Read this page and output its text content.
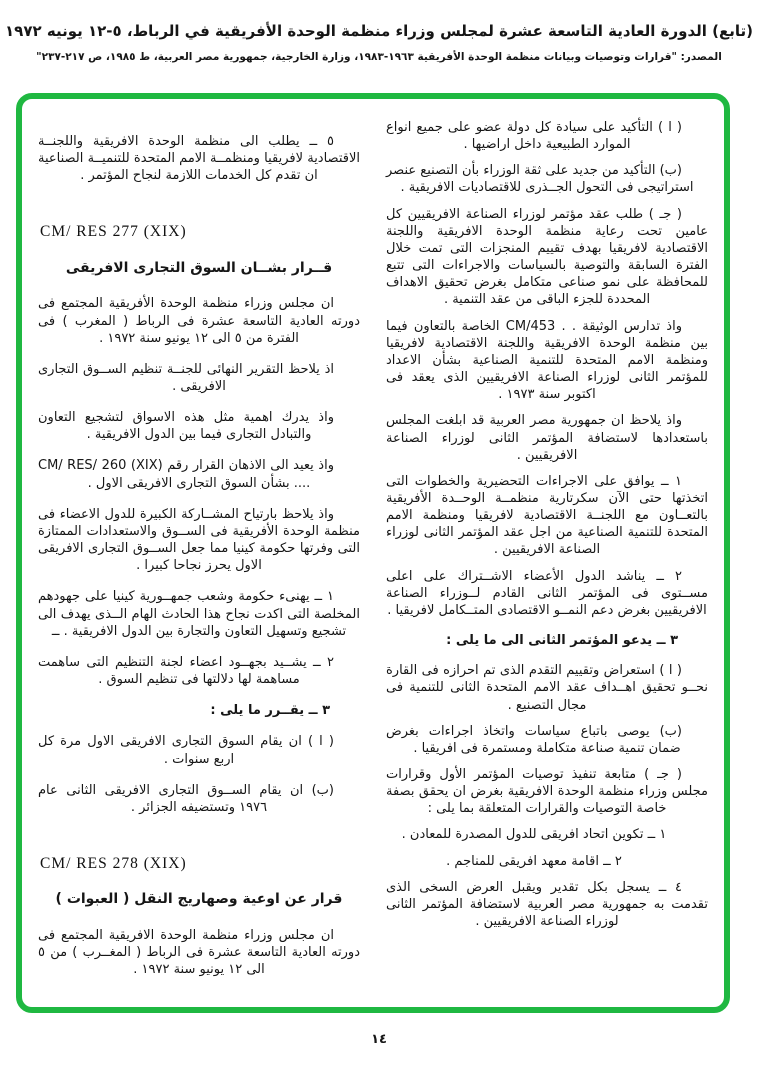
(تابع) الدورة العادية التاسعة عشرة لمجلس وزراء منظمة الوحدة الأفريقية في الرباط، ٥-١٢ يونيه ١٩٧٢
المصدر: "قرارات وتوصيات وبيانات منظمة الوحدة الأفريقية ١٩٦٣-١٩٨٣، وزارة الخارجية، جمهورية مصر العربية، ط ١٩٨٥، ص ٢١٧-٢٣٧"
( ا ) التأكيد على سيادة كل دولة عضو على جميع انواع الموارد الطبيعية داخل اراضيها .
(ب) التأكيد من جديد على ثقة الوزراء بأن التصنيع عنصر استراتيجى فى التحول الجــذرى للاقتصاديات الافريقية .
( جـ ) طلب عقد مؤتمر لوزراء الصناعة الافريقيين كل عامين تحت رعاية منظمة الوحدة الافريقية واللجنة الاقتصادية لافريقيا بهدف تقييم المنجزات التى تمت خلال الفترة السابقة والتوصية بالسياسات والاجراءات التى تتبع للمحافظة على نمو صناعى متكامل بغرض تحقيق الاهداف المحددة للجزء الباقى من عقد التنمية .
واذ تدارس الوثيقة . . CM/453 الخاصة بالتعاون فيما بين منظمة الوحدة الافريقية واللجنة الاقتصادية لافريقيا ومنظمة الامم المتحدة للتنمية الصناعية بشأن الاعداد للمؤتمر الثانى لوزراء الصناعة الافريقيين الذى يعقد فى اكتوبر سنة ١٩٧٣ .
واذ يلاحظ ان جمهورية مصر العربية قد ابلغت المجلس باستعدادها لاستضافة المؤتمر الثانى لوزراء الصناعة الافريقيين .
١ ــ يوافق على الاجراءات التحضيرية والخطوات التى اتخذتها حتى الآن سكرتارية منظمــة الوحــدة الأفريقية بالتعــاون مع اللجنــة الاقتصادية لافريقيا ومنظمة الامم المتحدة للتنمية الصناعية من اجل عقد المؤتمر الثانى لوزراء الصناعة الافريقيين .
٢ ــ يناشد الدول الأعضاء الاشــتراك على اعلى مســتوى فى المؤتمر الثانى القادم لــوزراء الصناعة الافريقيين بغرض دعم النمــو الاقتصادى المتــكامل لافريقيا .
٣ ــ يدعو المؤتمر الثانى الى ما يلى :
( ا ) استعراض وتقييم التقدم الذى تم احرازه فى القارة نحــو تحقيق اهــداف عقد الامم المتحدة الثانى للتنمية فى مجال التصنيع .
(ب) يوصى باتباع سياسات واتخاذ اجراءات بغرض ضمان تنمية صناعة متكاملة ومستمرة فى افريقيا .
( جـ ) متابعة تنفيذ توصيات المؤتمر الأول وقرارات مجلس وزراء منظمة الوحدة الافريقية بغرض ان يحقق بصفة خاصة التوصيات والقرارات المتعلقة بما يلى :
١ ــ تكوين اتحاد افريقى للدول المصدرة للمعادن .
٢ ــ اقامة معهد افريقى للمناجم .
٤ ــ يسجل بكل تقدير ويقبل العرض السخى الذى تقدمت به جمهورية مصر العربية لاستضافة المؤتمر الثانى لوزراء الصناعة الافريقيين .
٥ ــ يطلب الى منظمة الوحدة الافريقية واللجنــة الاقتصادية لافريقيا ومنظمــة الامم المتحدة للتنميــة الصناعية ان تقدم كل الخدمات اللازمة لنجاح المؤتمر .
CM/ RES 277 (XIX)
قــرار بشــان السوق التجارى الافريقى
ان مجلس وزراء منظمة الوحدة الأفريقية المجتمع فى دورته العادية التاسعة عشرة فى الرباط ( المغرب ) فى الفترة من ٥ الى ١٢ يونيو سنة ١٩٧٢ .
اذ يلاحظ التقرير النهائى للجنــة تنظيم الســوق التجارى الافريقى .
واذ يدرك اهمية مثل هذه الاسواق لتشجيع التعاون والتبادل التجارى فيما بين الدول الافريقية .
واذ يعيد الى الاذهان القرار رقم CM/ RES/ 260 (XIX) .... بشأن السوق التجارى الافريقى الاول .
واذ يلاحظ بارتياح المشــاركة الكبيرة للدول الاعضاء فى منظمة الوحدة الأفريقية فى الســوق والاستعدادات الممتازة التى وفرتها حكومة كينيا مما جعل الســوق التجارى الافريقى الاول يحرز نجاحا كبيرا .
١ ــ يهنىء حكومة وشعب جمهــورية كينيا على جهودهم المخلصة التى اكدت نجاح هذا الحادث الهام الــذى يهدف الى تشجيع وتسهيل التعاون والتجارة بين الدول الافريقية . ــ
٢ ــ يشــيد بجهــود اعضاء لجنة التنظيم التى ساهمت مساهمة لها دلالتها فى تنظيم السوق .
٣ ــ يقــرر ما يلى :
( ا ) ان يقام السوق التجارى الافريقى الاول مرة كل اربع سنوات .
(ب) ان يقام الســوق التجارى الافريقى الثانى عام ١٩٧٦ وتستضيفه الجزائر .
CM/ RES 278 (XIX)
قرار عن اوعية وصهاريج النقل ( العبوات )
ان مجلس وزراء منظمة الوحدة الافريقية المجتمع فى دورته العادية التاسعة عشرة فى الرباط ( المغــرب ) من ٥ الى ١٢ يونيو سنة ١٩٧٢ .
١٤
